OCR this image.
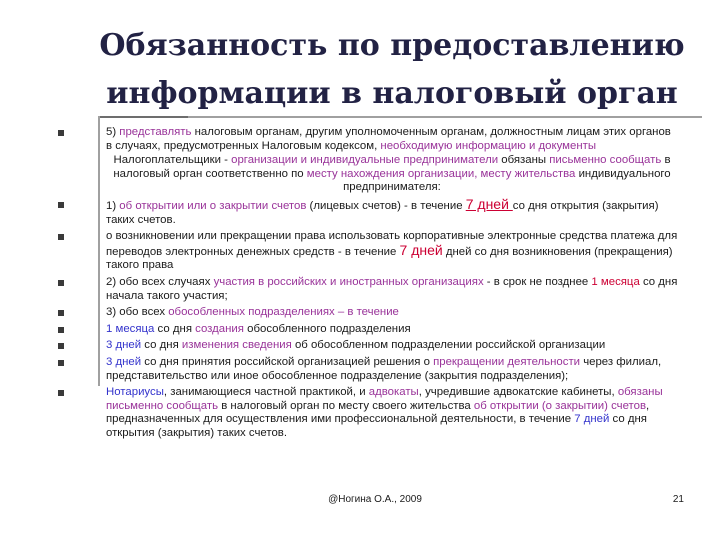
Обязанность по предоставлению
информации в налоговый орган
5) представлять налоговым органам, другим уполномоченным органам, должностным лицам этих органов в случаях, предусмотренных Налоговым кодексом, необходимую информацию и документы
Налогоплательщики - организации и индивидуальные предприниматели обязаны письменно сообщать в налоговый орган соответственно по месту нахождения организации, месту жительства индивидуального предпринимателя:
1) об открытии или о закрытии счетов (лицевых счетов) - в течение 7 дней со дня открытия (закрытия) таких счетов.
о возникновении или прекращении права использовать корпоративные электронные средства платежа для переводов электронных денежных средств - в течение 7 дней дней со дня возникновения (прекращения) такого права
2) обо всех случаях участия в российских и иностранных организациях - в срок не позднее 1 месяца со дня начала такого участия;
3) обо всех обособленных подразделениях – в течение
1 месяца со дня создания обособленного подразделения
3 дней со дня изменения сведения об обособленном подразделении российской организации
3 дней со дня принятия российской организацией решения о прекращении деятельности через филиал, представительство или иное обособленное подразделение (закрытия подразделения);
Нотариусы, занимающиеся частной практикой, и адвокаты, учредившие адвокатские кабинеты, обязаны письменно сообщать в налоговый орган по месту своего жительства об открытии (о закрытии) счетов, предназначенных для осуществления ими профессиональной деятельности, в течение 7 дней со дня открытия (закрытия) таких счетов.
@Ногина О.А., 2009	21
